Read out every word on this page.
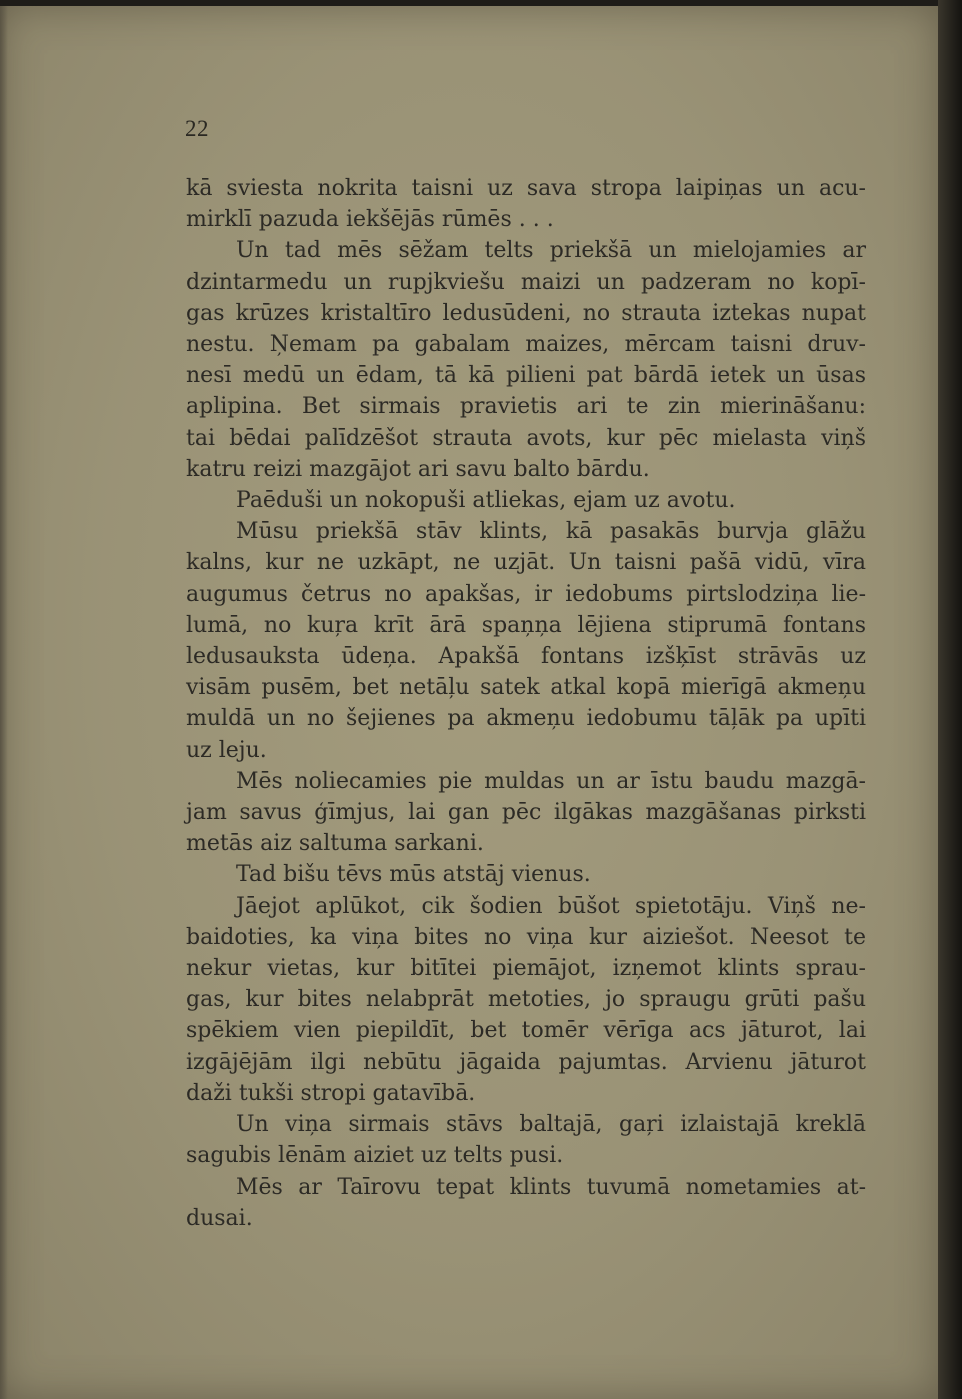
22
kā sviesta nokrita taisni uz sava stropa laipiņas un acu-
mirklī pazuda iekšējās rūmēs . . .
Un tad mēs sēžam telts priekšā un mielojamies ar
dzintarmedu un rupjkviešu maizi un padzeram no kopī-
gas krūzes kristaltīro ledusūdeni, no strauta iztekas nupat
nestu. Ņemam pa gabalam maizes, mērcam taisni druv-
nesī medū un ēdam, tā kā pilieni pat bārdā ietek un ūsas
aplipina. Bet sirmais pravietis ari te zin mierināšanu:
tai bēdai palīdzēšot strauta avots, kur pēc mielasta viņš
katru reizi mazgājot ari savu balto bārdu.
Paēduši un nokopuši atliekas, ejam uz avotu.
Mūsu priekšā stāv klints, kā pasakās burvja glāžu
kalns, kur ne uzkāpt, ne uzjāt. Un taisni pašā vidū, vīra
augumus četrus no apakšas, ir iedobums pirtslodziņa lie-
lumā, no kuŗa krīt ārā spaņņa lējiena stiprumā fontans
ledusauksta ūdeņa. Apakšā fontans izšķīst strāvās uz
visām pusēm, bet netāļu satek atkal kopā mierīgā akmeņu
muldā un no šejienes pa akmeņu iedobumu tāļāk pa upīti
uz leju.
Mēs noliecamies pie muldas un ar īstu baudu mazgā-
jam savus ģīmjus, lai gan pēc ilgākas mazgāšanas pirksti
metās aiz saltuma sarkani.
Tad bišu tēvs mūs atstāj vienus.
Jāejot aplūkot, cik šodien būšot spietotāju. Viņš ne-
baidoties, ka viņa bites no viņa kur aiziešot. Neesot te
nekur vietas, kur bitītei piemājot, izņemot klints sprau-
gas, kur bites nelabprāt metoties, jo spraugu grūti pašu
spēkiem vien piepildīt, bet tomēr vērīga acs jāturot, lai
izgājējām ilgi nebūtu jāgaida pajumtas. Arvienu jāturot
daži tukši stropi gatavībā.
Un viņa sirmais stāvs baltajā, gaŗi izlaistajā kreklā
sagubis lēnām aiziet uz telts pusi.
Mēs ar Taīrovu tepat klints tuvumā nometamies at-
dusai.
